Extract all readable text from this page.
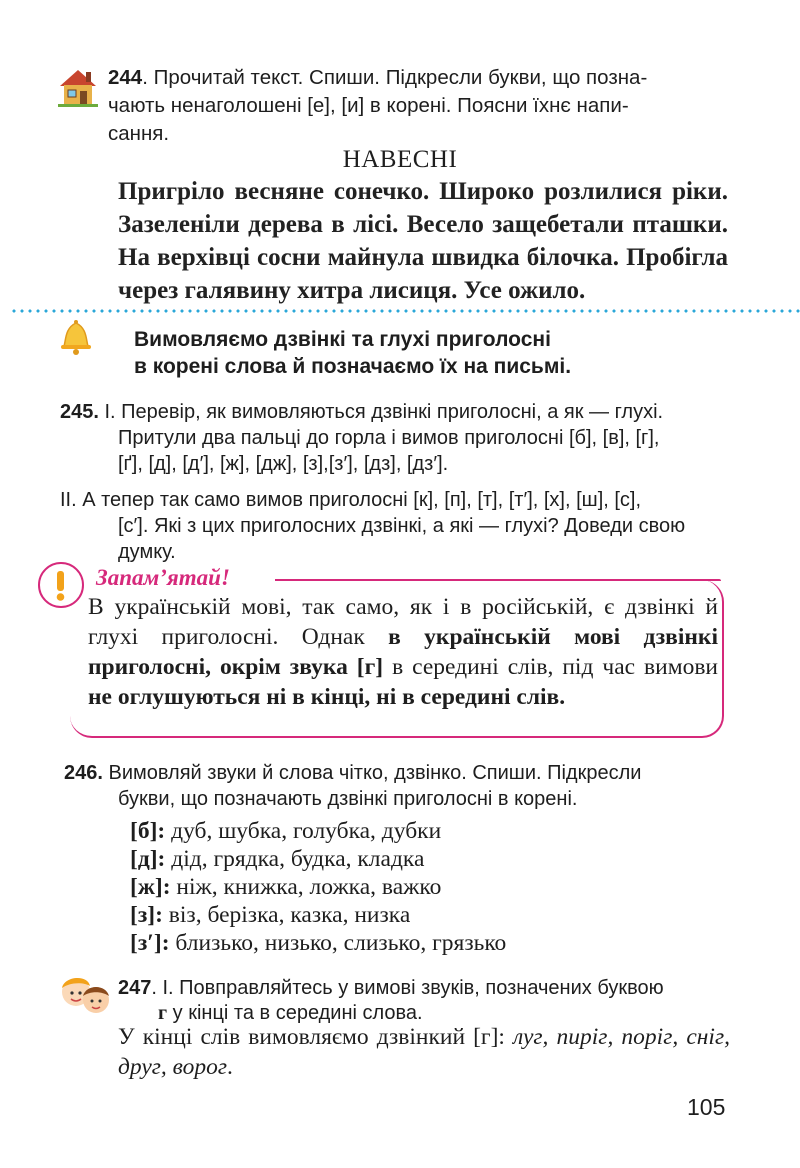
244. Прочитай текст. Спиши. Підкресли букви, що позна-
чають ненаголошені [е], [и] в корені. Поясни їхнє напи-
сання.
НАВЕСНІ
Пригріло весняне сонечко. Широко розлилися ріки. Зазеленіли дерева в лісі. Весело защебетали пташки. На верхівці сосни майнула швидка білочка. Пробігла через галявину хитра лисиця. Усе ожило.
Вимовляємо дзвінкі та глухі приголосні
в корені слова й позначаємо їх на письмі.
245. І. Перевір, як вимовляються дзвінкі приголосні, а як — глухі.
Притули два пальці до горла і вимов приголосні [б], [в], [г],
[ґ], [д], [д′], [ж], [дж], [з],[з′], [дз], [дз′].
ІІ. А тепер так само вимов приголосні [к], [п], [т], [т′], [х], [ш], [с],
[с′]. Які з цих приголосних дзвінкі, а які — глухі? Доведи свою
думку.
Запам’ятай!
В українській мові, так само, як і в російській, є дзвінкі й глухі приголосні. Однак в українській мові дзвінкі приголосні, окрім звука [г] в середині слів, під час вимови не оглушуються ні в кінці, ні в середині слів.
246. Вимовляй звуки й слова чітко, дзвінко. Спиши. Підкресли
букви, що позначають дзвінкі приголосні в корені.
[б]: дуб, шубка, голубка, дубки
[д]: дід, грядка, будка, кладка
[ж]: ніж, книжка, ложка, важко
[з]: віз, берізка, казка, низка
[з′]: близько, низько, слизько, грязько
247. І. Повправляйтесь у вимові звуків, позначених буквою
г у кінці та в середині слова.
У кінці слів вимовляємо дзвінкий [г]: луг, пиріг, поріг, сніг, друг, ворог.
105
